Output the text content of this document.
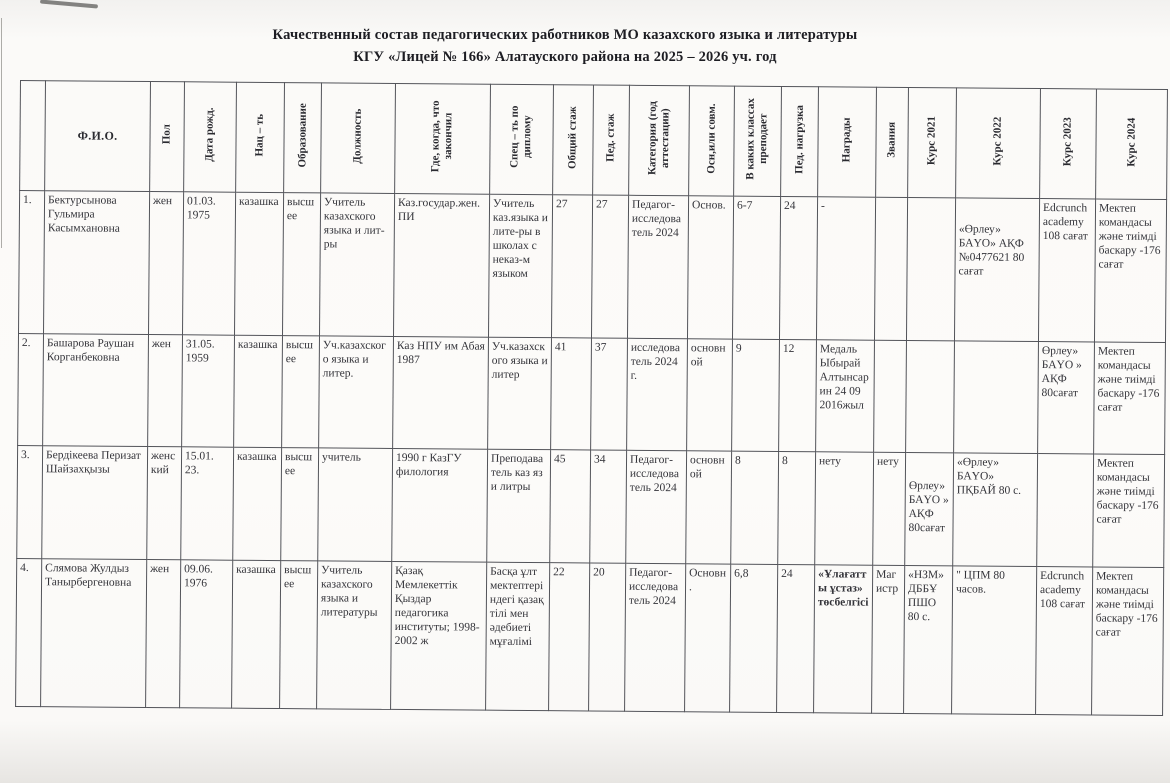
Качественный состав педагогических работников МО казахского языка и литературы
КГУ «Лицей № 166» Алатауского района на 2025 – 2026 уч. год
	Ф.И.О.	Пол	Дата рожд.	Нац – ть	Образование	Должность	Где, когда, что закончил	Спец – ть по диплому	Общий стаж	Пед. стаж	Категория (год аттестации)	Осн,или совм.	В каких классах преподает	Пед. нагрузка	Награды	Звания	Курс 2021	Курс 2022	Курс 2023	Курс 2024
1.	Бектурсынова Гульмира Касымхановна	жен	01.03. 1975	казашка	высшее	Учитель казахского языка и лит-ры	Каз.государ.жен.ПИ	Учитель каз.языка и лите-ры в школах с неказ-м языком	27	27	Педагог-исследователь 2024	Основ.	6-7	24	-			«Өрлеу» БАҮО» АҚФ №0477621 80 сағат	Edcrunch academy 108 сағат	Мектеп командасы және тиімді баскару -176 сағат
2.	Башарова Раушан Корганбековна	жен	31.05. 1959	казашка	высшее	Уч.казахского языка и литер.	Каз НПУ им Абая 1987	Уч.казахского языка и литер	41	37	исследователь 2024 г.	основной	9	12	Медаль Ыбырай Алтынсарин 24 09 2016жыл				Өрлеу» БАҮО » АҚФ 80сағат	Мектеп командасы және тиімді баскару -176 сағат
3.	Бердікеева Перизат Шайзахқызы	женский	15.01. 23.	казашка	высшее	учитель	1990 г КазГУ филология	Преподаватель каз яз и литры	45	34	Педагог-исследователь 2024	основной	8	8	нету	нету	Өрлеу» БАҮО » АҚФ 80сағат	«Өрлеу» БАҮО» ПҚБАЙ 80 с.		Мектеп командасы және тиімді баскару -176 сағат
4.	Слямова Жулдыз Танырбергеновна	жен	09.06. 1976	казашка	высшее	Учитель казахского языка и литературы	Қазақ Мемлекеттік Қыздар педагогика институты; 1998-2002 ж	Басқа ұлт мектептеріндегі қазақ тілі мен әдебиеті мұғалімі	22	20	Педагог-исследователь 2024	Основн.	6,8	24	«Ұлағатты ұстаз» төсбелгісі	Магистр	«НЗМ» ДББҰ ПШО 80 с.	" ЦПМ 80 часов.	Edcrunch academy 108 сағат	Мектеп командасы және тиімді баскару -176 сағат
